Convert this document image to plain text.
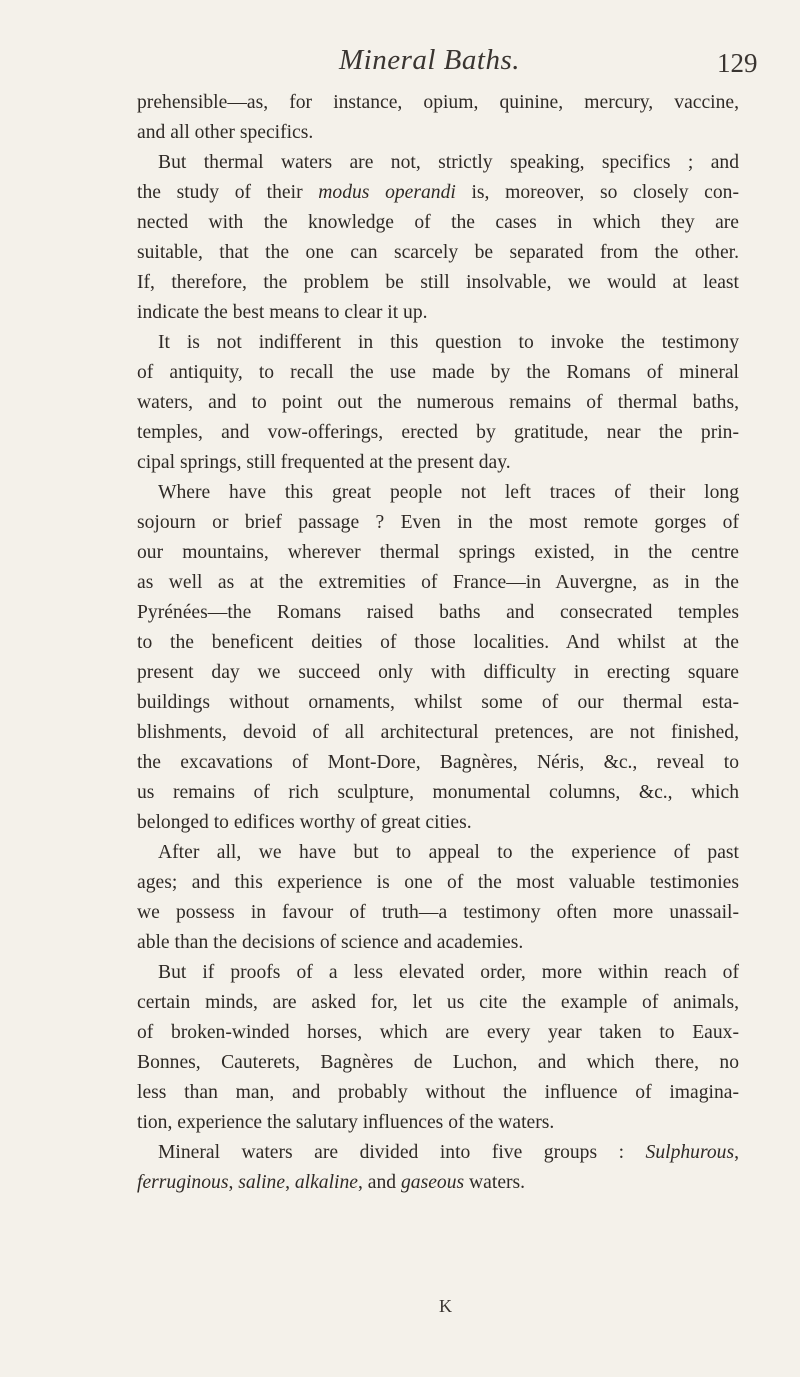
Mineral Baths.	129
prehensible—as, for instance, opium, quinine, mercury, vaccine,
and all other specifics.
But thermal waters are not, strictly speaking, specifics ; and
the study of their modus operandi is, moreover, so closely con-
nected with the knowledge of the cases in which they are
suitable, that the one can scarcely be separated from the other.
If, therefore, the problem be still insolvable, we would at least
indicate the best means to clear it up.
It is not indifferent in this question to invoke the testimony
of antiquity, to recall the use made by the Romans of mineral
waters, and to point out the numerous remains of thermal baths,
temples, and vow-offerings, erected by gratitude, near the prin-
cipal springs, still frequented at the present day.
Where have this great people not left traces of their long
sojourn or brief passage ? Even in the most remote gorges of
our mountains, wherever thermal springs existed, in the centre
as well as at the extremities of France—in Auvergne, as in the
Pyrénées—the Romans raised baths and consecrated temples
to the beneficent deities of those localities. And whilst at the
present day we succeed only with difficulty in erecting square
buildings without ornaments, whilst some of our thermal esta-
blishments, devoid of all architectural pretences, are not finished,
the excavations of Mont-Dore, Bagnères, Néris, &c., reveal to
us remains of rich sculpture, monumental columns, &c., which
belonged to edifices worthy of great cities.
After all, we have but to appeal to the experience of past
ages; and this experience is one of the most valuable testimonies
we possess in favour of truth—a testimony often more unassail-
able than the decisions of science and academies.
But if proofs of a less elevated order, more within reach of
certain minds, are asked for, let us cite the example of animals,
of broken-winded horses, which are every year taken to Eaux-
Bonnes, Cauterets, Bagnères de Luchon, and which there, no
less than man, and probably without the influence of imagina-
tion, experience the salutary influences of the waters.
Mineral waters are divided into five groups : Sulphurous,
ferruginous, saline, alkaline, and gaseous waters.
K
